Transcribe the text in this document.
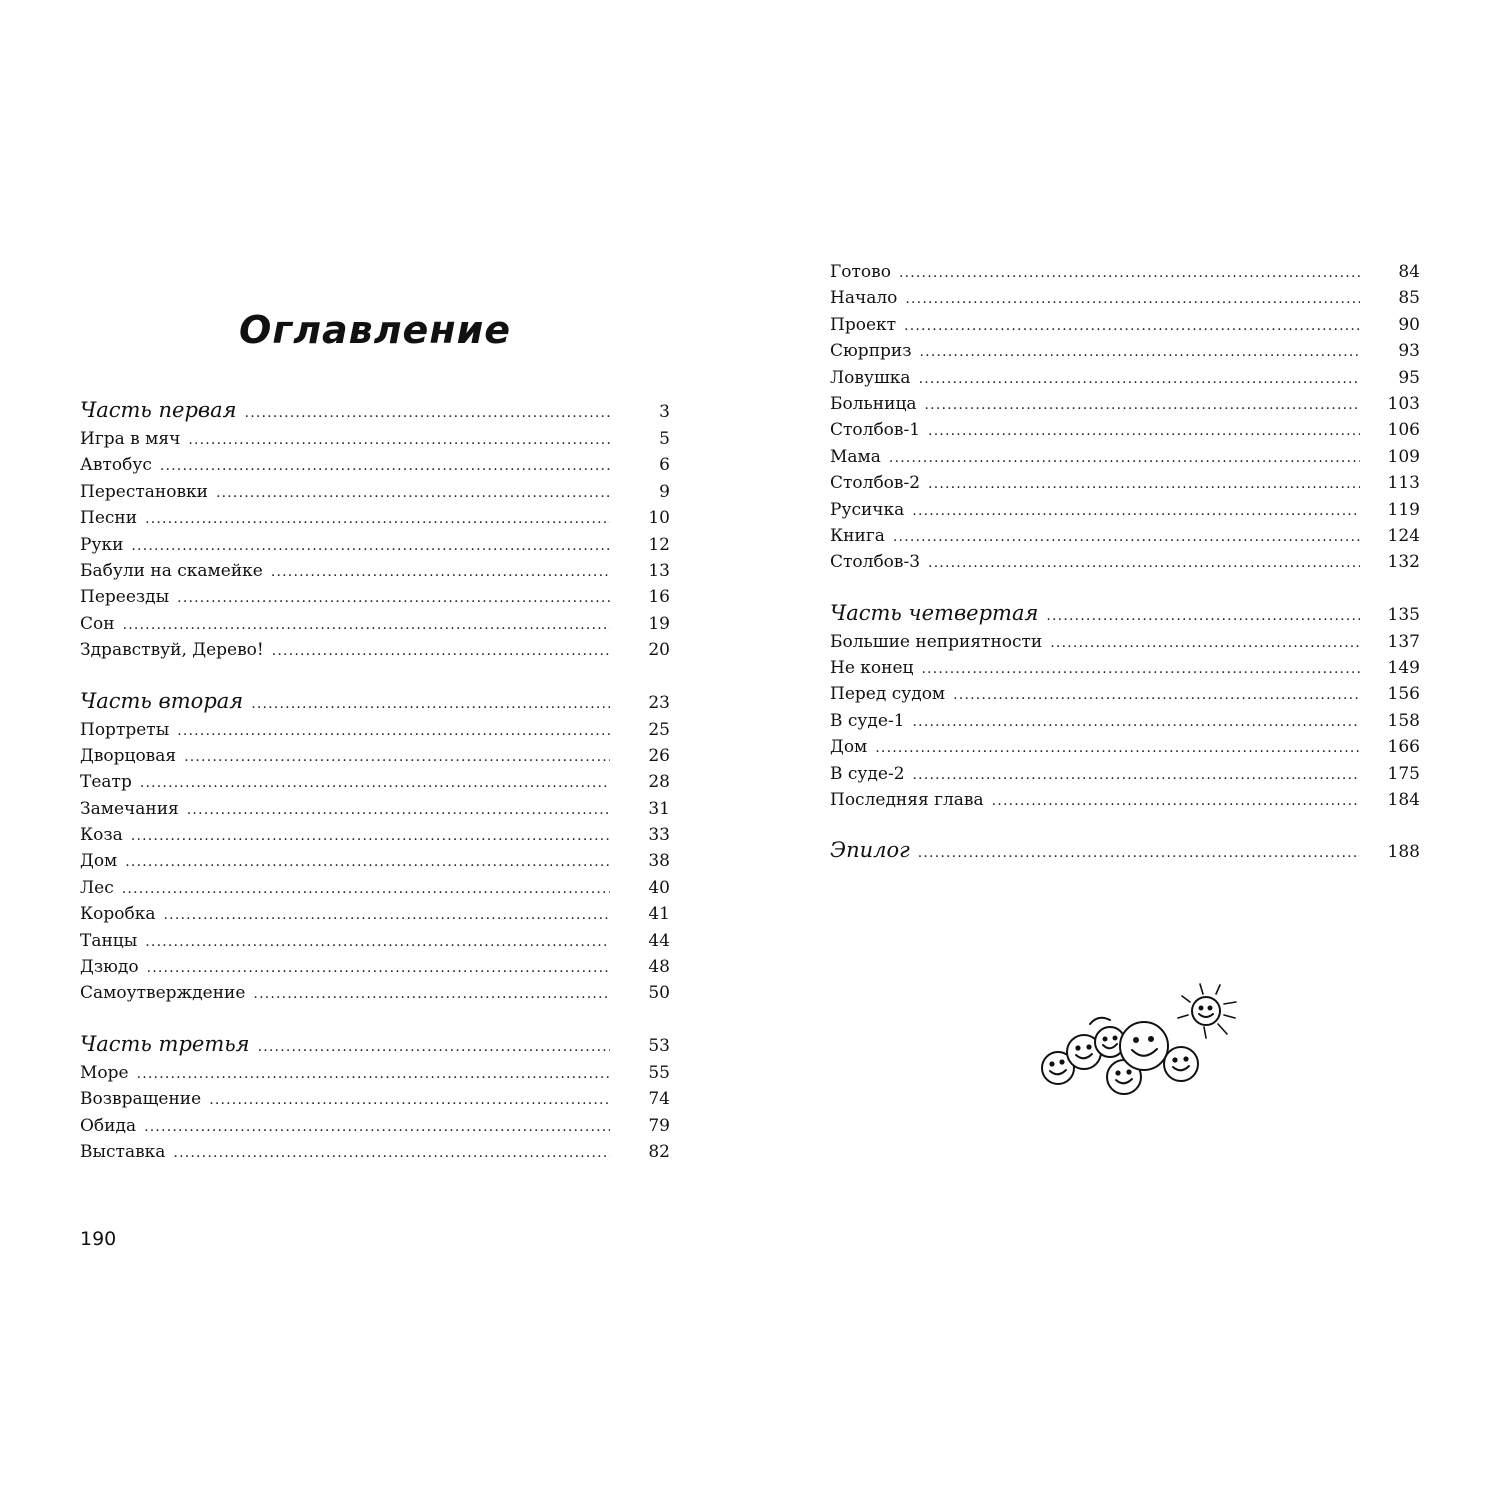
Оглавление
Часть первая .....	3
Игра в мяч .....	5
Автобус .....	6
Перестановки .....	9
Песни .....	10
Руки .....	12
Бабули на скамейке .....	13
Переезды .....	16
Сон .....	19
Здравствуй, Дерево! .....	20
Часть вторая .....	23
Портреты .....	25
Дворцовая .....	26
Театр .....	28
Замечания .....	31
Коза .....	33
Дом .....	38
Лес .....	40
Коробка .....	41
Танцы .....	44
Дзюдо .....	48
Самоутверждение .....	50
Часть третья .....	53
Море .....	55
Возвращение .....	74
Обида .....	79
Выставка .....	82
Готово .....	84
Начало .....	85
Проект .....	90
Сюрприз .....	93
Ловушка .....	95
Больница .....	103
Столбов-1 .....	106
Мама .....	109
Столбов-2 .....	113
Русичка .....	119
Книга .....	124
Столбов-3 .....	132
Часть четвертая .....	135
Большие неприятности .....	137
Не конец .....	149
Перед судом .....	156
В суде-1 .....	158
Дом .....	166
В суде-2 .....	175
Последняя глава .....	184
Эпилог .....	188
190
